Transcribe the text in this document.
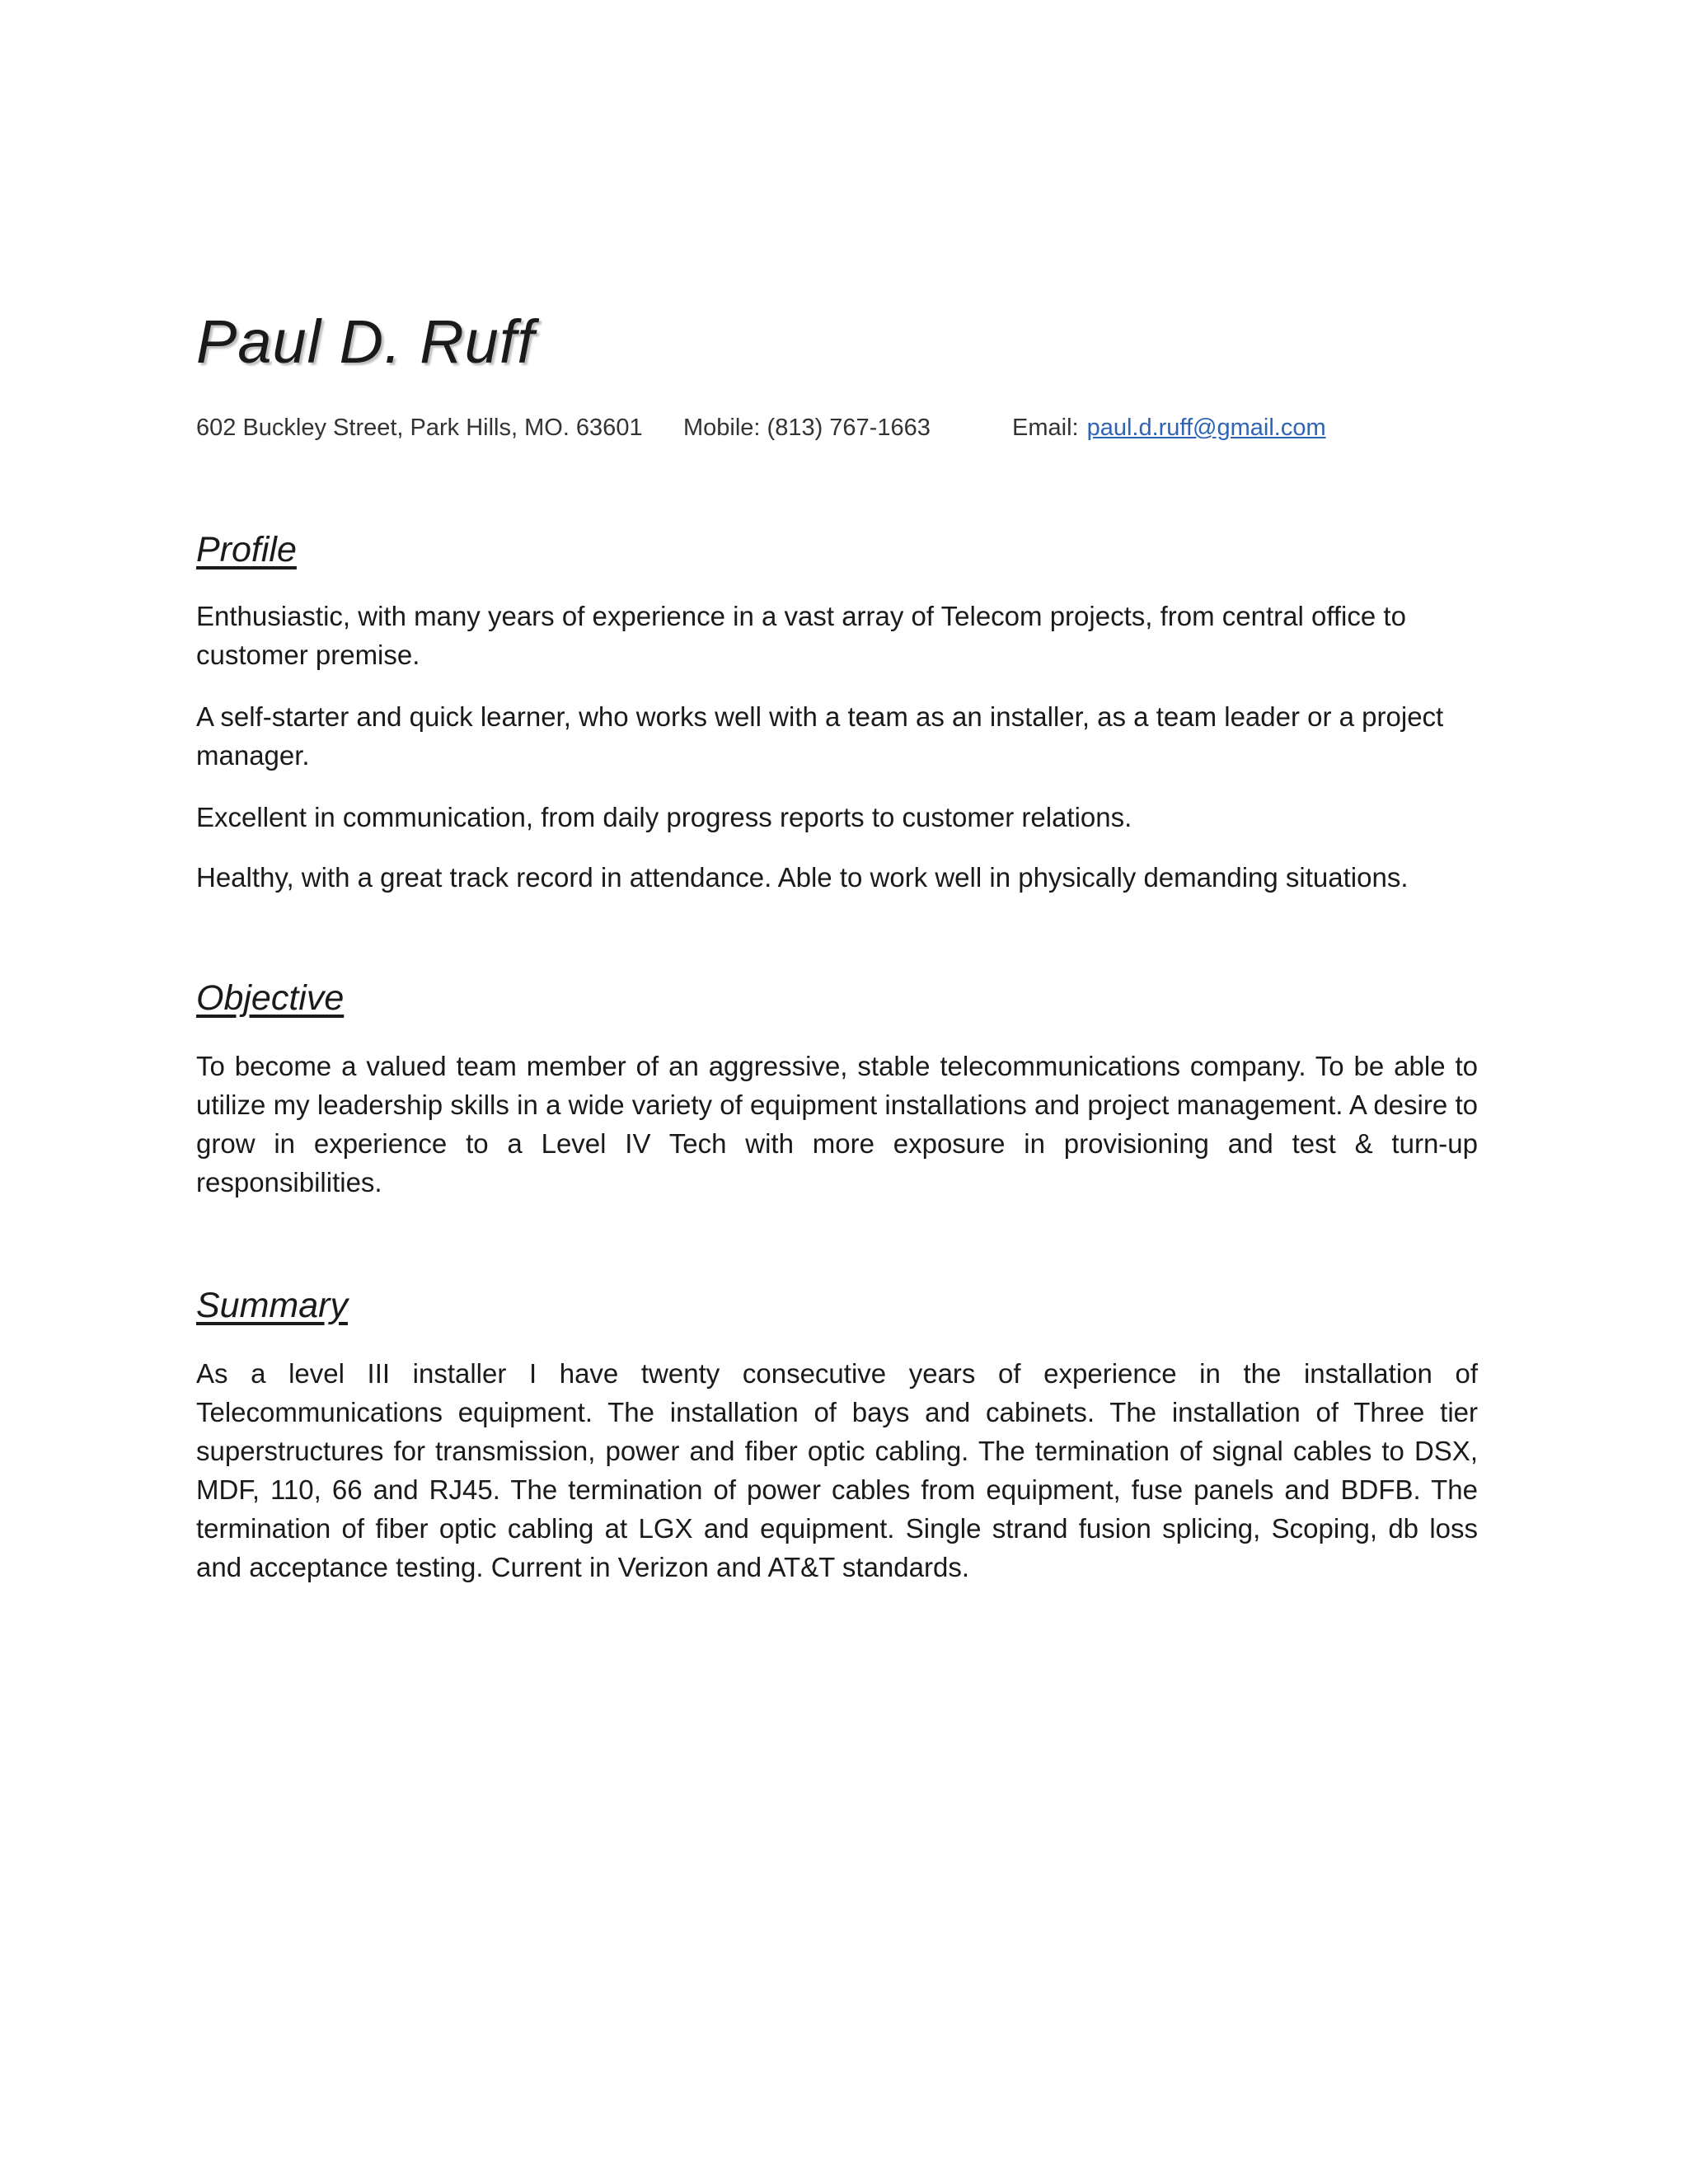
Paul D. Ruff
602 Buckley Street, Park Hills, MO. 63601 Mobile: (813) 767-1663	Email: paul.d.ruff@gmail.com
Profile

Enthusiastic, with many years of experience in a vast array of Telecom projects, from central office to customer premise.

A self-starter and quick learner, who works well with a team as an installer, as a team leader or a project manager.

Excellent in communication, from daily progress reports to customer relations.

Healthy, with a great track record in attendance. Able to work well in physically demanding situations.

Objective

To become a valued team member of an aggressive, stable telecommunications company. To be able to utilize my leadership skills in a wide variety of equipment installations and project management. A desire to grow in experience to a Level IV Tech with more exposure in provisioning and test & turn-up responsibilities.

Summary

As a level III installer I have twenty consecutive years of experience in the installation of Telecommunications equipment. The installation of bays and cabinets. The installation of Three tier superstructures for transmission, power and fiber optic cabling. The termination of signal cables to DSX, MDF, 110, 66 and RJ45. The termination of power cables from equipment, fuse panels and BDFB. The termination of fiber optic cabling at LGX and equipment. Single strand fusion splicing, Scoping, db loss and acceptance testing. Current in Verizon and AT&T standards.
